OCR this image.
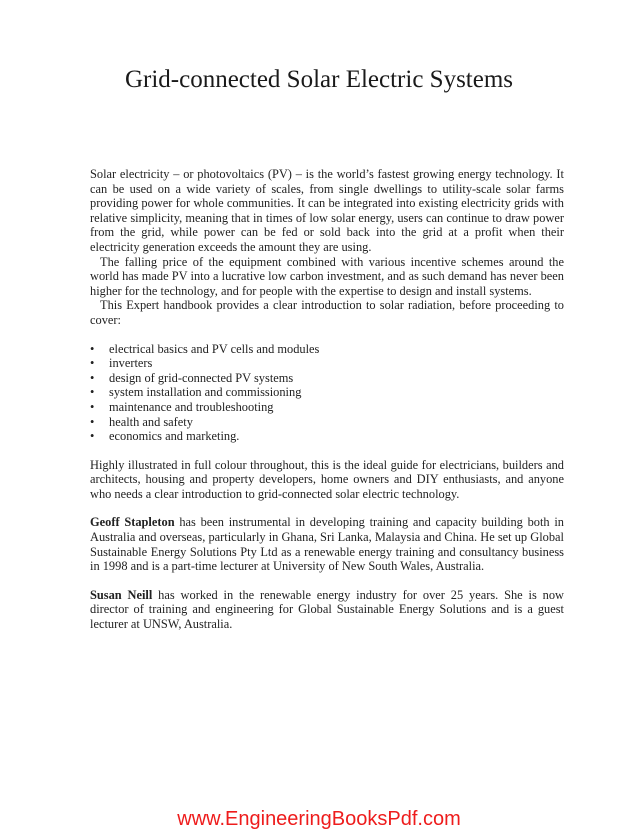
Grid-connected Solar Electric Systems

Solar electricity – or photovoltaics (PV) – is the world’s fastest growing energy technology. It can be used on a wide variety of scales, from single dwellings to utility-scale solar farms providing power for whole communities. It can be integrated into existing electricity grids with relative simplicity, meaning that in times of low solar energy, users can continue to draw power from the grid, while power can be fed or sold back into the grid at a profit when their electricity generation exceeds the amount they are using.

The falling price of the equipment combined with various incentive schemes around the world has made PV into a lucrative low carbon investment, and as such demand has never been higher for the technology, and for people with the expertise to design and install systems.

This Expert handbook provides a clear introduction to solar radiation, before proceeding to cover:

• electrical basics and PV cells and modules
• inverters
• design of grid-connected PV systems
• system installation and commissioning
• maintenance and troubleshooting
• health and safety
• economics and marketing.

Highly illustrated in full colour throughout, this is the ideal guide for electricians, builders and architects, housing and property developers, home owners and DIY enthusiasts, and anyone who needs a clear introduction to grid-connected solar electric technology.

Geoff Stapleton has been instrumental in developing training and capacity building both in Australia and overseas, particularly in Ghana, Sri Lanka, Malaysia and China. He set up Global Sustainable Energy Solutions Pty Ltd as a renewable energy training and consultancy business in 1998 and is a part-time lecturer at University of New South Wales, Australia.

Susan Neill has worked in the renewable energy industry for over 25 years. She is now director of training and engineering for Global Sustainable Energy Solutions and is a guest lecturer at UNSW, Australia.

www.EngineeringBooksPdf.com
